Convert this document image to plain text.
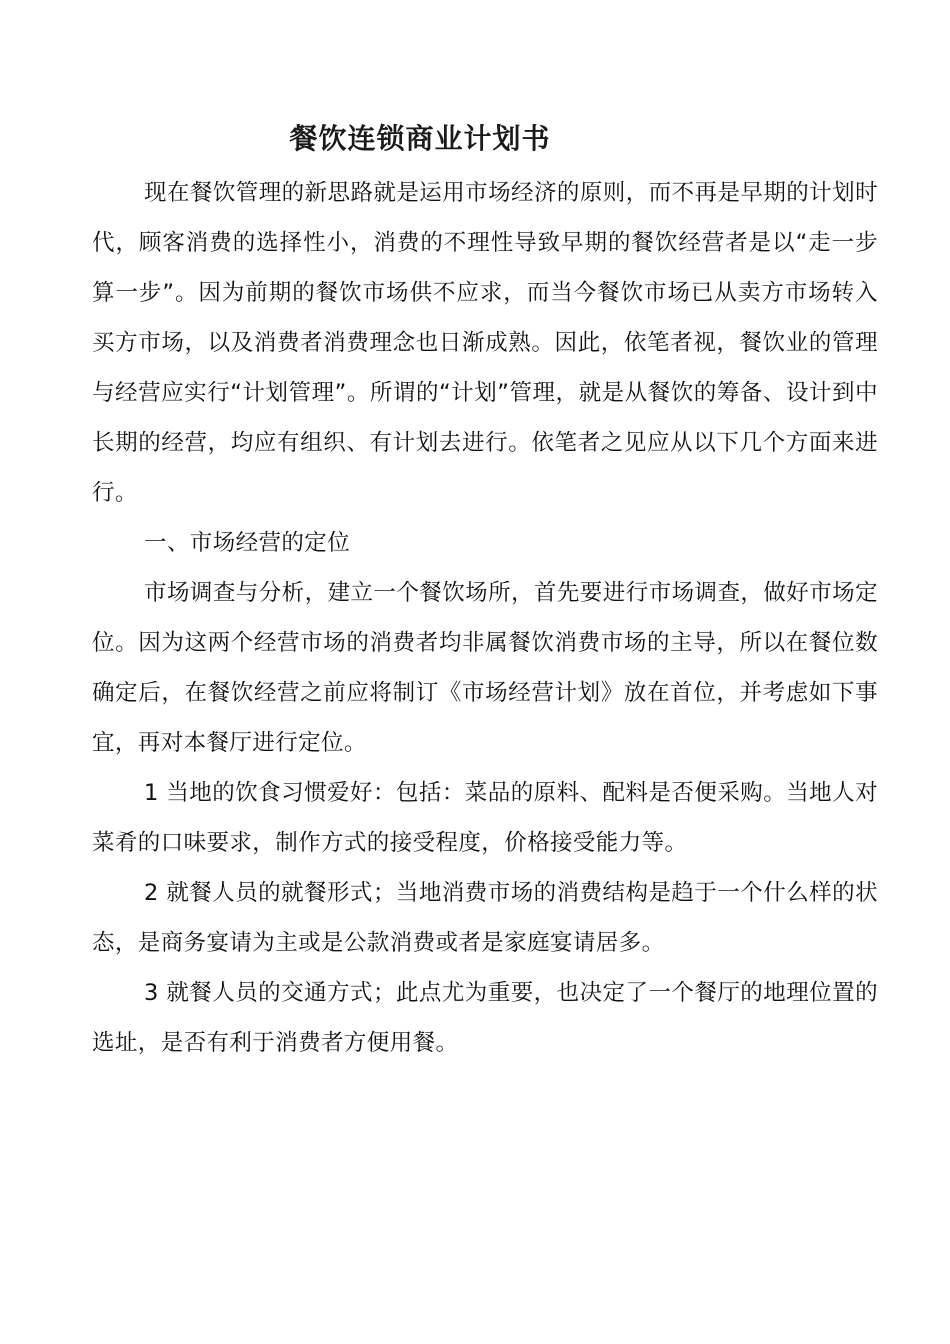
餐饮连锁商业计划书

现在餐饮管理的新思路就是运用市场经济的原则，而不再是早期的计划时代，顾客消费的选择性小，消费的不理性导致早期的餐饮经营者是以“走一步算一步”。因为前期的餐饮市场供不应求，而当今餐饮市场已从卖方市场转入买方市场，以及消费者消费理念也日渐成熟。因此，依笔者视，餐饮业的管理与经营应实行“计划管理”。所谓的“计划”管理，就是从餐饮的筹备、设计到中长期的经营，均应有组织、有计划去进行。依笔者之见应从以下几个方面来进行。

一、市场经营的定位

市场调查与分析，建立一个餐饮场所，首先要进行市场调查，做好市场定位。因为这两个经营市场的消费者均非属餐饮消费市场的主导，所以在餐位数确定后，在餐饮经营之前应将制订《市场经营计划》放在首位，并考虑如下事宜，再对本餐厅进行定位。

1 当地的饮食习惯爱好：包括：菜品的原料、配料是否便采购。当地人对菜肴的口味要求，制作方式的接受程度，价格接受能力等。

2 就餐人员的就餐形式；当地消费市场的消费结构是趋于一个什么样的状态，是商务宴请为主或是公款消费或者是家庭宴请居多。

3 就餐人员的交通方式；此点尤为重要，也决定了一个餐厅的地理位置的选址，是否有利于消费者方便用餐。
